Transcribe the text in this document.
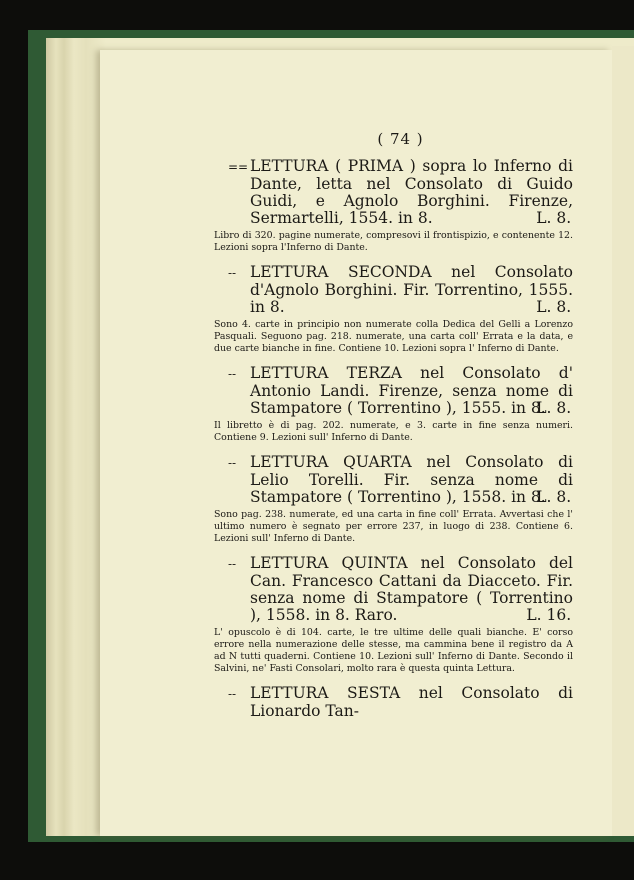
( 74 )

== LETTURA ( PRIMA ) sopra lo Inferno di Dante, letta nel Consolato di Guido Guidi, e Agnolo Borghini. Firenze, Sermartelli, 1554. in 8.	L. 8.

Libro di 320. pagine numerate, compresovi il frontispizio, e contenente 12. Lezioni sopra l'Inferno di Dante.

-- LETTURA SECONDA nel Consolato d'Agnolo Borghini. Fir. Torrentino, 1555. in 8.	L. 8.

Sono 4. carte in principio non numerate colla Dedica del Gelli a Lorenzo Pasquali. Seguono pag. 218. numerate, una carta coll' Errata e la data, e due carte bianche in fine. Contiene 10. Lezioni sopra l' Inferno di Dante.

-- LETTURA TERZA nel Consolato d' Antonio Landi. Firenze, senza nome di Stampatore ( Torrentino ), 1555. in 8.
L. 8.

Il libretto è di pag. 202. numerate, e 3. carte in fine senza numeri. Contiene 9. Lezioni sull' Inferno di Dante.

-- LETTURA QUARTA nel Consolato di Lelio Torelli. Fir. senza nome di Stampatore ( Torrentino ), 1558. in 8.
L. 8.

Sono pag. 238. numerate, ed una carta in fine coll' Errata. Avvertasi che l' ultimo numero è segnato per errore 237, in luogo di 238. Contiene 6. Lezioni sull' Inferno di Dante.

-- LETTURA QUINTA nel Consolato del Can. Francesco Cattani da Diacceto. Fir. senza nome di Stampatore ( Torrentino ), 1558. in 8. Raro.	L. 16.

L' opuscolo è di 104. carte, le tre ultime delle quali bianche. E' corso errore nella numerazione delle stesse, ma cammina bene il registro da A ad N tutti quaderni. Contiene 10. Lezioni sull' Inferno di Dante. Secondo il Salvini, ne' Fasti Consolari, molto rara è questa quinta Lettura.

-- LETTURA SESTA nel Consolato di Lionardo Tan-
